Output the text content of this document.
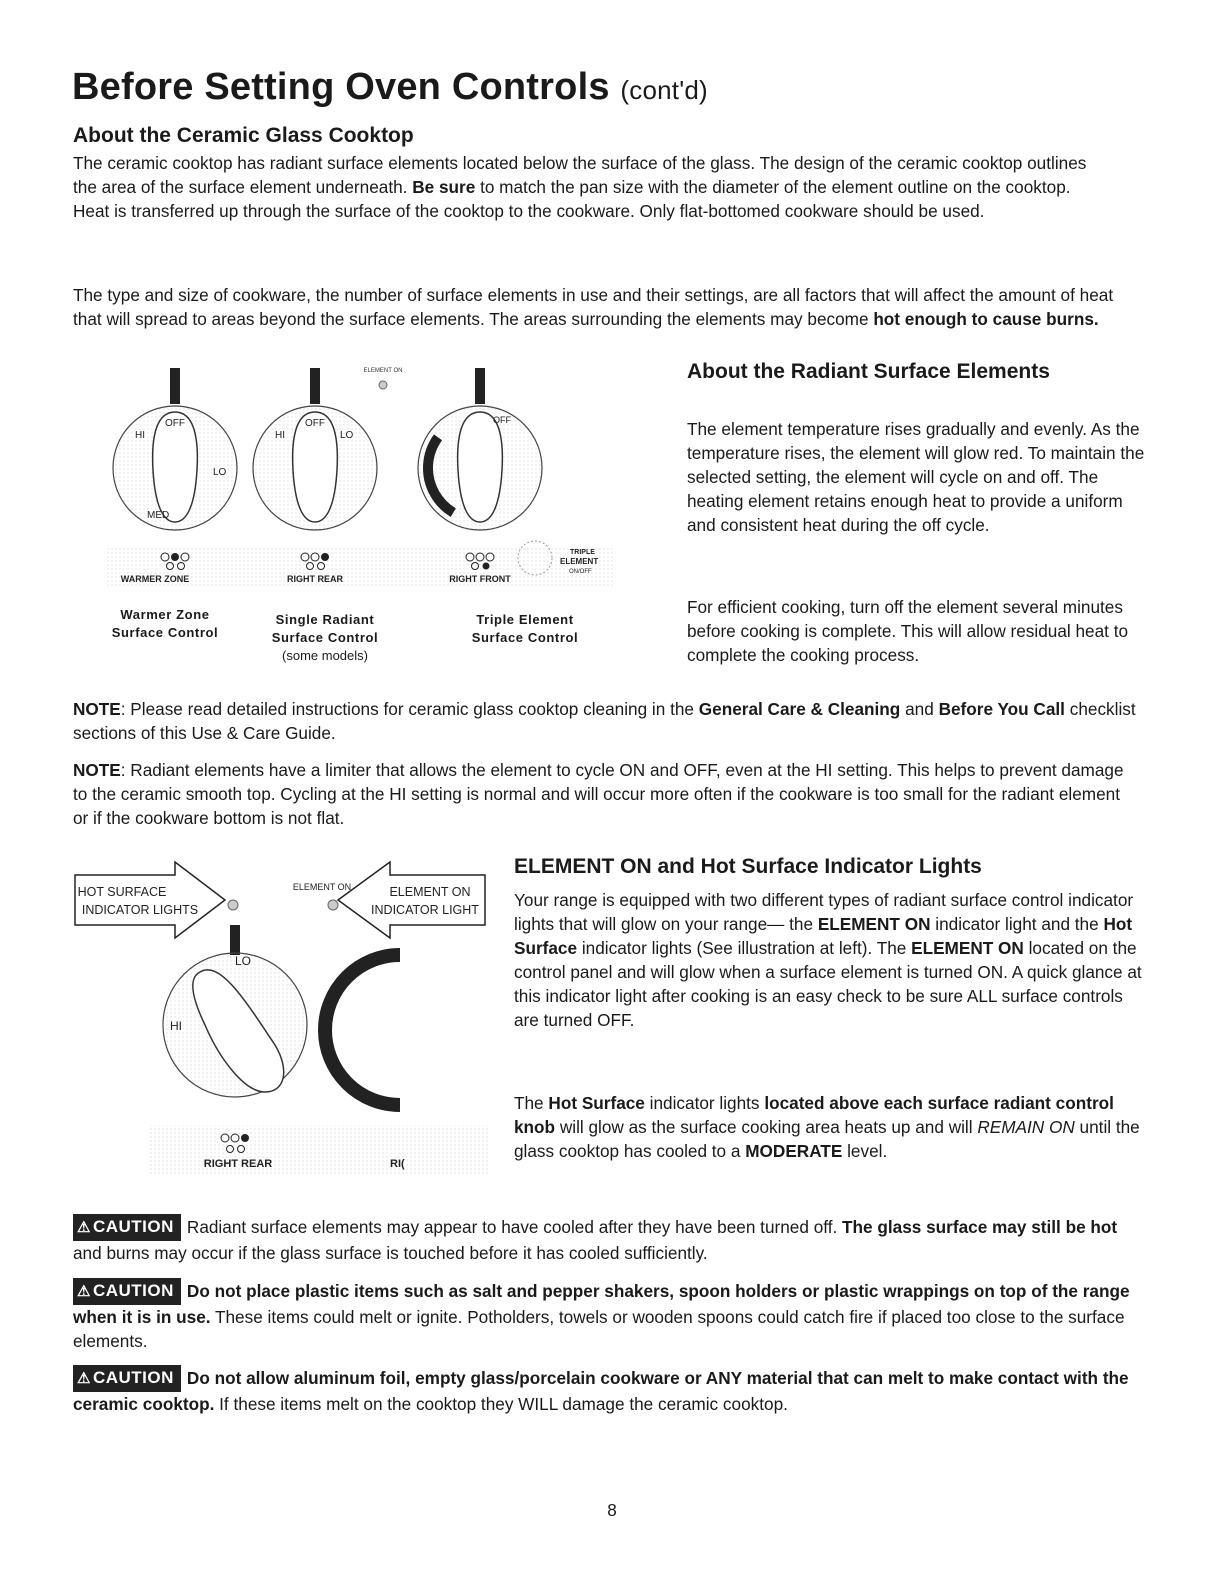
Before Setting Oven Controls (cont'd)
About the Ceramic Glass Cooktop
The ceramic cooktop has radiant surface elements located below the surface of the glass. The design of the ceramic cooktop outlines the area of the surface element underneath. Be sure to match the pan size with the diameter of the element outline on the cooktop. Heat is transferred up through the surface of the cooktop to the cookware. Only flat-bottomed cookware should be used.
The type and size of cookware, the number of surface elements in use and their settings, are all factors that will affect the amount of heat that will spread to areas beyond the surface elements. The areas surrounding the elements may become hot enough to cause burns.
ELEMENT ON
OFF
HI
LO
MED
OFF
HI	LO
OFF
TRIPLE
ELEMENT
ON/OFF
WARMER ZONE	RIGHT REAR	RIGHT FRONT
Warmer Zone
Surface Control
Single Radiant
Surface Control
(some models)
Triple Element
Surface Control
About the Radiant Surface Elements
The element temperature rises gradually and evenly. As the temperature rises, the element will glow red. To maintain the selected setting, the element will cycle on and off. The heating element retains enough heat to provide a uniform and consistent heat during the off cycle.
For efficient cooking, turn off the element several minutes before cooking is complete. This will allow residual heat to complete the cooking process.
NOTE: Please read detailed instructions for ceramic glass cooktop cleaning in the General Care & Cleaning and Before You Call checklist sections of this Use & Care Guide.
NOTE: Radiant elements have a limiter that allows the element to cycle ON and OFF, even at the HI setting. This helps to prevent damage to the ceramic smooth top. Cycling at the HI setting is normal and will occur more often if the cookware is too small for the radiant element or if the cookware bottom is not flat.
HOT SURFACE
INDICATOR LIGHTS
ELEMENT ON
INDICATOR LIGHT
ELEMENT ON
LO
HI
RIGHT REAR	RI(
ELEMENT ON and Hot Surface Indicator Lights
Your range is equipped with two different types of radiant surface control indicator lights that will glow on your range— the ELEMENT ON indicator light and the Hot Surface indicator lights (See illustration at left). The ELEMENT ON located on the control panel and will glow when a surface element is turned ON. A quick glance at this indicator light after cooking is an easy check to be sure ALL surface controls are turned OFF.
The Hot Surface indicator lights located above each surface radiant control knob will glow as the surface cooking area heats up and will REMAIN ON until the glass cooktop has cooled to a MODERATE level.
⚠ CAUTION Radiant surface elements may appear to have cooled after they have been turned off. The glass surface may still be hot and burns may occur if the glass surface is touched before it has cooled sufficiently.
⚠ CAUTION Do not place plastic items such as salt and pepper shakers, spoon holders or plastic wrappings on top of the range when it is in use. These items could melt or ignite. Potholders, towels or wooden spoons could catch fire if placed too close to the surface elements.
⚠ CAUTION Do not allow aluminum foil, empty glass/porcelain cookware or ANY material that can melt to make contact with the ceramic cooktop. If these items melt on the cooktop they WILL damage the ceramic cooktop.
8
